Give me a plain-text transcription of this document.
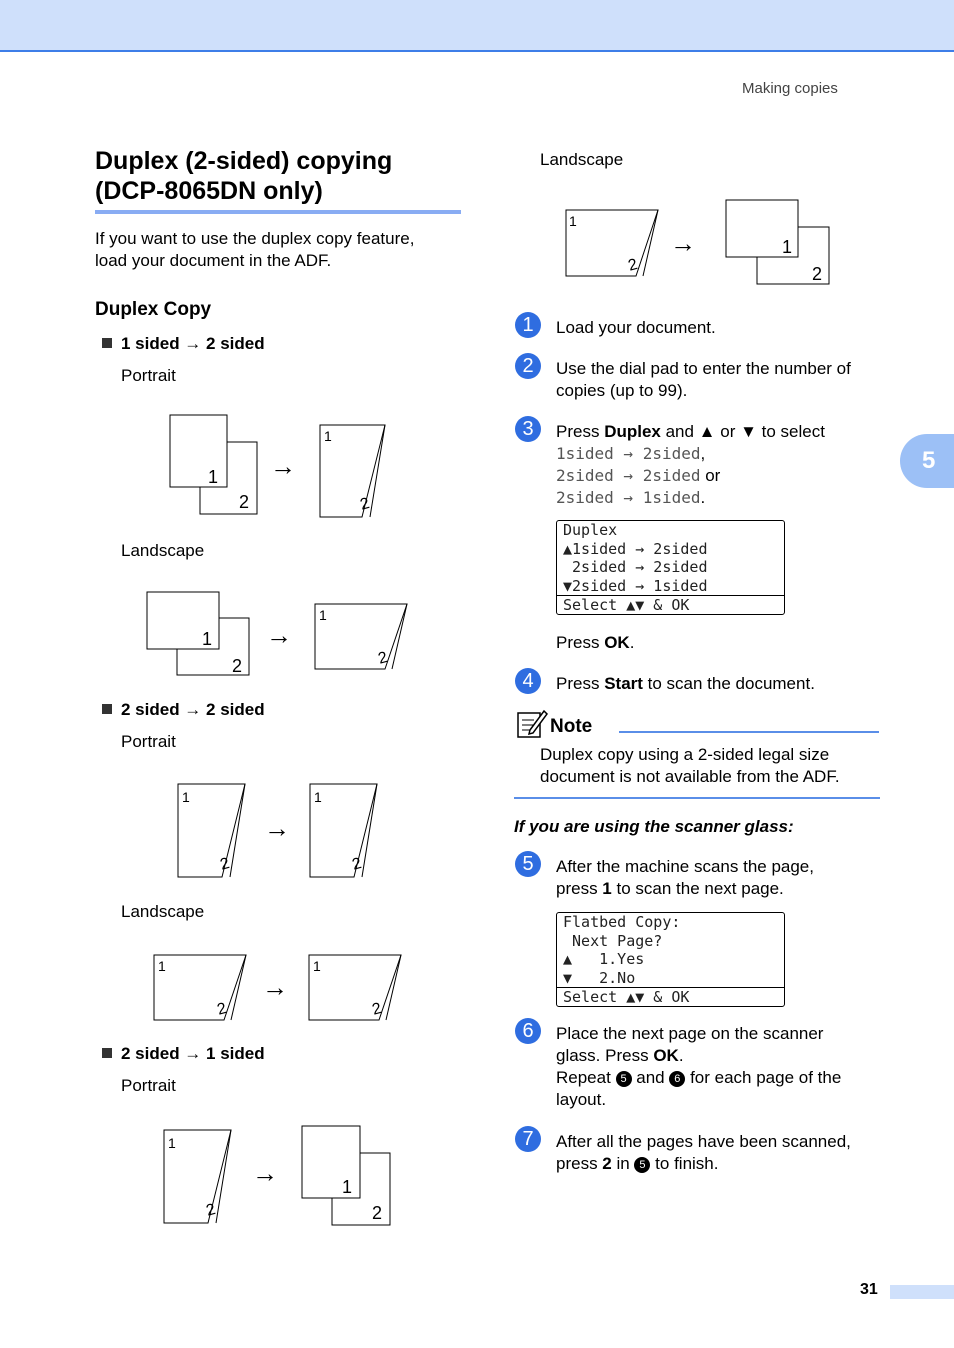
Making copies
5
Duplex (2-sided) copying
(DCP-8065DN only)
If you want to use the duplex copy feature,
load your document in the ADF.
Duplex Copy
1 sided → 2 sided
Portrait
1
2
→
1
2
Landscape
1
2
→
1
2
2 sided → 2 sided
Portrait
1
2
→
1
2
Landscape
1
2
→
1
2
2 sided → 1 sided
Portrait
1
2
→	1
2
Landscape
1
2
→	1
2
1	Load your document.
2	Use the dial pad to enter the number of
copies (up to 99).
3	Press Duplex and ▲ or ▼ to select
1sided → 2sided,
2sided → 2sided or
2sided → 1sided.
Duplex
▲1sided → 2sided
2sided → 2sided
▼2sided → 1sided
Select ▲▼ & OK
Press OK.
4	Press Start to scan the document.
Note
Duplex copy using a 2-sided legal size
document is not available from the ADF.
If you are using the scanner glass:
5	After the machine scans the page,
press 1 to scan the next page.
Flatbed Copy:
Next Page?
▲   1.Yes
▼   2.No
Select ▲▼ & OK
6	Place the next page on the scanner
glass. Press OK.
Repeat 5 and 6 for each page of the
layout.
7	After all the pages have been scanned,
press 2 in 5 to finish.
31
